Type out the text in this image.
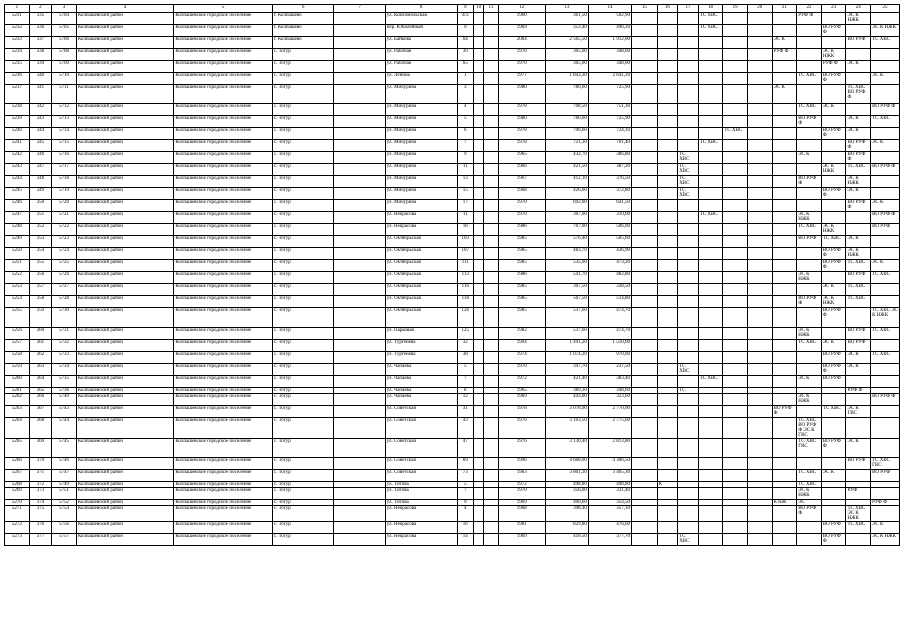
1	2	3	4	5	6	7	8	9	10	11	12	13	14	15	16	17	18	19	20	21	22	23	24	25
5231	335	5704	Колпашевский район	Колпашевское городское поселение	г. Колпашево		ул. Комсомольская	4/3			1960	361,50	502,90				ТС ХВС				РУФ Ф		ЭС К НЖК	
5232	336	5705	Колпашевский район	Колпашевское городское поселение	г. Колпашево		пер. Юбилейный	9			1969	353,40	496,20				ТС ХВС					ВО РУФ Ф		ЭС К НЖК
5233	337	5706	Колпашевский район	Колпашевское городское поселение	г. Колпашево		ул. Байкова	64			2004	2 565,50	1 912,00							ЭС К			ВО РУФ	ТС ХВС
5234	338	5708	Колпашевский район	Колпашевское городское поселение	с. Тогур		ул. Рабочая	39			1970	365,00	348,00							РУФ Ф		ЭС К НЖК		
5235	339	5709	Колпашевский район	Колпашевское городское поселение	с. Тогур		ул. Рабочая	65			1970	365,00	348,00									РУФ Ф	ЭС К	
5236	340	5710	Колпашевский район	Колпашевское городское поселение	с. Тогур		ул. Ленина	1			1977	1 843,30	2 641,20								ТС ХВС	ВО РУФ Ф		ЭС К
5237	341	5711	Колпашевский район	Колпашевское городское поселение	с. Тогур		ул. Мичурина	3			1980	786,60	725,90							ЭС К			ТС ХВС ВО РУФ Ф	
5238	342	5712	Колпашевский район	Колпашевское городское поселение	с. Тогур		ул. Мичурина	4			1978	798,50	751,30								ТС ХВС	ЭС К		ВО РУФ Ф
5239	343	5713	Колпашевский район	Колпашевское городское поселение	с. Тогур		ул. Мичурина	5			1980	786,60	725,90								ВО РУФ Ф		ЭС К	ТС ХВС
5240	344	5714	Колпашевский район	Колпашевское городское поселение	с. Тогур		ул. Мичурина	6			1978	796,60	734,10					ТС ХВС				ВО РУФ Ф	ЭС К	
5241	345	5715	Колпашевский район	Колпашевское городское поселение	с. Тогур		ул. Мичурина	7			1978	721,30	701,40				ТС ХВС						ВО РУФ Ф	ЭС К
5242	346	5716	Колпашевский район	Колпашевское городское поселение	с. Тогур		ул. Мичурина	9			1965	432,70	386,80			ТС ХВС					ЭС К		ВО РУФ Ф	
5243	347	5717	Колпашевский район	Колпашевское городское поселение	с. Тогур		ул. Мичурина	11			1966	421,50	387,20			ТС ХВС						ЭС К НЖК	ТС ХВС	ВО РУФ Ф
5244	348	5718	Колпашевский район	Колпашевское городское поселение	с. Тогур		ул. Мичурина	13			1967	412,10	376,50			ТС ХВС					ВО РУФ Ф		ЭС К НЖК	
5245	349	5719	Колпашевский район	Колпашевское городское поселение	с. Тогур		ул. Мичурина	15			1968	426,00	372,80			ТС ХВС						ВО РУФ Ф	ЭС К	
5246	350	5720	Колпашевский район	Колпашевское городское поселение	с. Тогур		ул. Мичурина	17			1970	692,00	641,50										ВО РУФ Ф	ЭС К
5247	351	5721	Колпашевский район	Колпашевское городское поселение	с. Тогур		ул. Некрасова	11			1970	367,00	310,00				ТС ХВС				ЭС К НЖК			ВО РУФ Ф
5248	352	5722	Колпашевский район	Колпашевское городское поселение	с. Тогур		ул. Некрасова	18			1986	767,00	506,00								ТС ХВС	ЭС К НЖК		ВО РУФ
5249	353	5723	Колпашевский район	Колпашевское городское поселение	с. Тогур		ул. Октябрьская	103			1985	576,40	505,60								ВО РУФ	ТС ХВС	ЭС К	
5250	354	5724	Колпашевский район	Колпашевское городское поселение	с. Тогур		ул. Октябрьская	107			1985	483,70	436,90									ВО РУФ Ф	ЭС К НЖК	
5251	355	5725	Колпашевский район	Колпашевское городское поселение	с. Тогур		ул. Октябрьская	111			1985	535,90	473,20									ВО РУФ Ф	ТС ХВС	ЭС К
5252	356	5726	Колпашевский район	Колпашевское городское поселение	с. Тогур		ул. Октябрьская	113			1986	541,70	482,80								ЭС К НЖК		ВО РУФ	ТС ХВС
5253	357	5727	Колпашевский район	Колпашевское городское поселение	с. Тогур		ул. Октябрьская	116			1985	367,50	338,50									ЭС К	ТС ХВС	
5254	358	5728	Колпашевский район	Колпашевское городское поселение	с. Тогур		ул. Октябрьская	118			1985	567,50	514,80								ВО РУФ Ф	ЭС К НЖК	ТС ХВС	
5255	359	5730	Колпашевский район	Колпашевское городское поселение	с. Тогур		ул. Октябрьская	126			1985	537,60	474,70									ВО РУФ Ф		ТС ХВС ЭС К НЖК
5256	360	5731	Колпашевский район	Колпашевское городское поселение	с. Тогур		ул. Парковая	125			1982	537,60	474,70								ЭС К НЖК		ВО РУФ	ТС ХВС
5257	361	5732	Колпашевский район	Колпашевское городское поселение	с. Тогур		ул. Тургенева	32			1994	1 491,20	1 510,00								ТС ХВС	ЭС К	ВО РУФ	
5258	362	5733	Колпашевский район	Колпашевское городское поселение	с. Тогур		ул. Тургенева	38			1974	1 074,20	970,00									ВО РУФ	ЭС К	ТС ХВС
5259	363	5734	Колпашевский район	Колпашевское городское поселение	с. Тогур		ул. Чапаева	5			1970	347,70	237,50			ТС ХВС						ВО РУФ Ф	ЭС К	
5260	364	5735	Колпашевский район	Колпашевское городское поселение	с. Тогур		ул. Чапаева	7			1972	421,40	383,40				ТС ХВС				ЭС К	ВО РУФ		
5261	365	5736	Колпашевский район	Колпашевское городское поселение	с. Тогур		ул. Чапаева	8			1965	389,30	348,60			ТС							РУФ Ф	
5262	366	5740	Колпашевский район	Колпашевское городское поселение	с. Тогур		ул. Чапаева	12			1969	443,00	323,60								ЭС К НЖК			ВО РУФ Ф
5263	367	5743	Колпашевский район	Колпашевское городское поселение	с. Тогур		ул. Советская	31			1978	3 078,00	2 770,00							ВО РУФ Ф		ТС ХВС	ЭС К ГВС	
5264	368	5744	Колпашевский район	Колпашевское городское поселение	с. Тогур		ул. Советская	43			1976	3 103,50	2 775,00								ТС ХВС ВО РУФ Ф ЭС К ГВС			
5265	369	5745	Колпашевский район	Колпашевское городское поселение	с. Тогур		ул. Советская	47			1976	3 130,40	2 813,80								ТС ХВС ГВС	ВО РУФ Ф	ЭС К	
5266	370	5746	Колпашевский район	Колпашевское городское поселение	с. Тогур		ул. Советская	69			1996	4 668,00	4 306,50										ВО РУФ	ТС ХВС ГВС
5267	371	5747	Колпашевский район	Колпашевское городское поселение	с. Тогур		ул. Советская	73			1983	3 801,30	3 405,30								ТС ХВС	ЭС К		ВО РУФ
5268	372	5749	Колпашевский район	Колпашевское городское поселение	с. Тогур		ул. Титова	5			1972	498,80	498,80		К						ТС ХВС			
5269	373	5751	Колпашевский район	Колпашевское городское поселение	с. Тогур		ул. Титова	7			1970	356,00	331,40								ЭС К НЖК		РУФ	
5270	374	5752	Колпашевский район	Колпашевское городское поселение	с. Тогур		ул. Титова	9			1969	400,60	354,50							К НЖ	ЭС			РУФ Ф
5271	375	5754	Колпашевский район	Колпашевское городское поселение	с. Тогур		ул. Некрасова	4			1968	398,40	357,10								ВО РУФ Ф		ТС ХВС ЭС К НЖК	
5272	376	5756	Колпашевский район	Колпашевское городское поселение	с. Тогур		ул. Некрасова	16			1981	829,80	476,00									ВО РУФ	ТС ХВС	ЭС К
5273	377	5757	Колпашевский район	Колпашевское городское поселение	с. Тогур		ул. Некрасова	14			1969	418,50	377,70			ТС ХВС						ВО РУФ Ф		ЭС К НЖК
